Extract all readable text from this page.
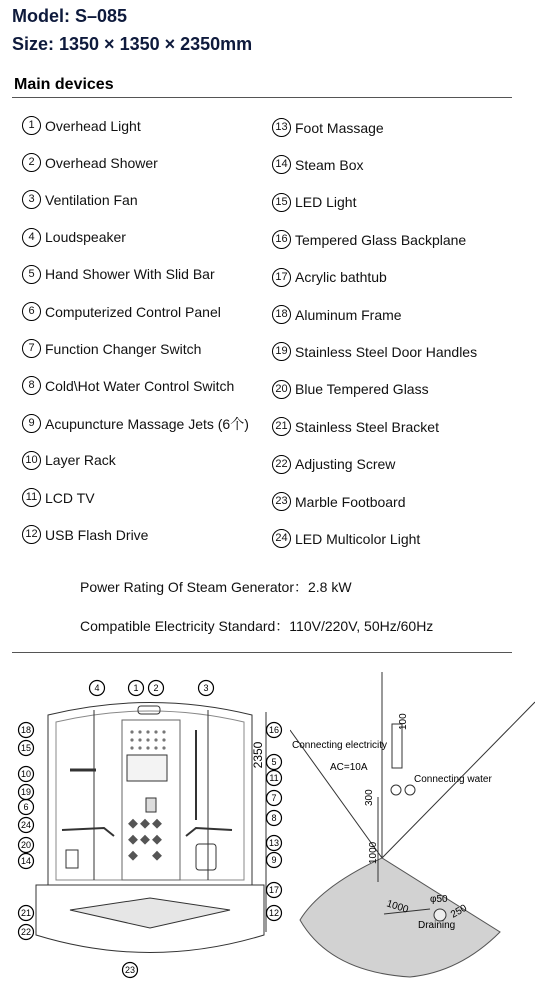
Model: S–085
Size: 1350 × 1350 × 2350mm
Main devices
1 Overhead Light
2 Overhead Shower
3 Ventilation Fan
4 Loudspeaker
5 Hand Shower With Slid Bar
6 Computerized Control Panel
7 Function Changer Switch
8 Cold\Hot Water Control Switch
9 Acupuncture Massage Jets (6个)
10 Layer Rack
11 LCD TV
12 USB Flash Drive
13 Foot Massage
14 Steam Box
15 LED Light
16 Tempered Glass Backplane
17 Acrylic bathtub
18 Aluminum Frame
19 Stainless Steel Door Handles
20 Blue Tempered Glass
21 Stainless Steel Bracket
22 Adjusting Screw
23 Marble Footboard
24 LED Multicolor Light
Power Rating Of Steam Generator：2.8 kW
Compatible Electricity Standard：110V/220V, 50Hz/60Hz
2350
1 2	3
4
5
6
7
8
9
10	11
12
13
14
15
16
17
18
19
20
21
22
23
24
Connecting electricity
AC=10A
Connecting water
100
300
1000
1000 φ50
250
Draining
